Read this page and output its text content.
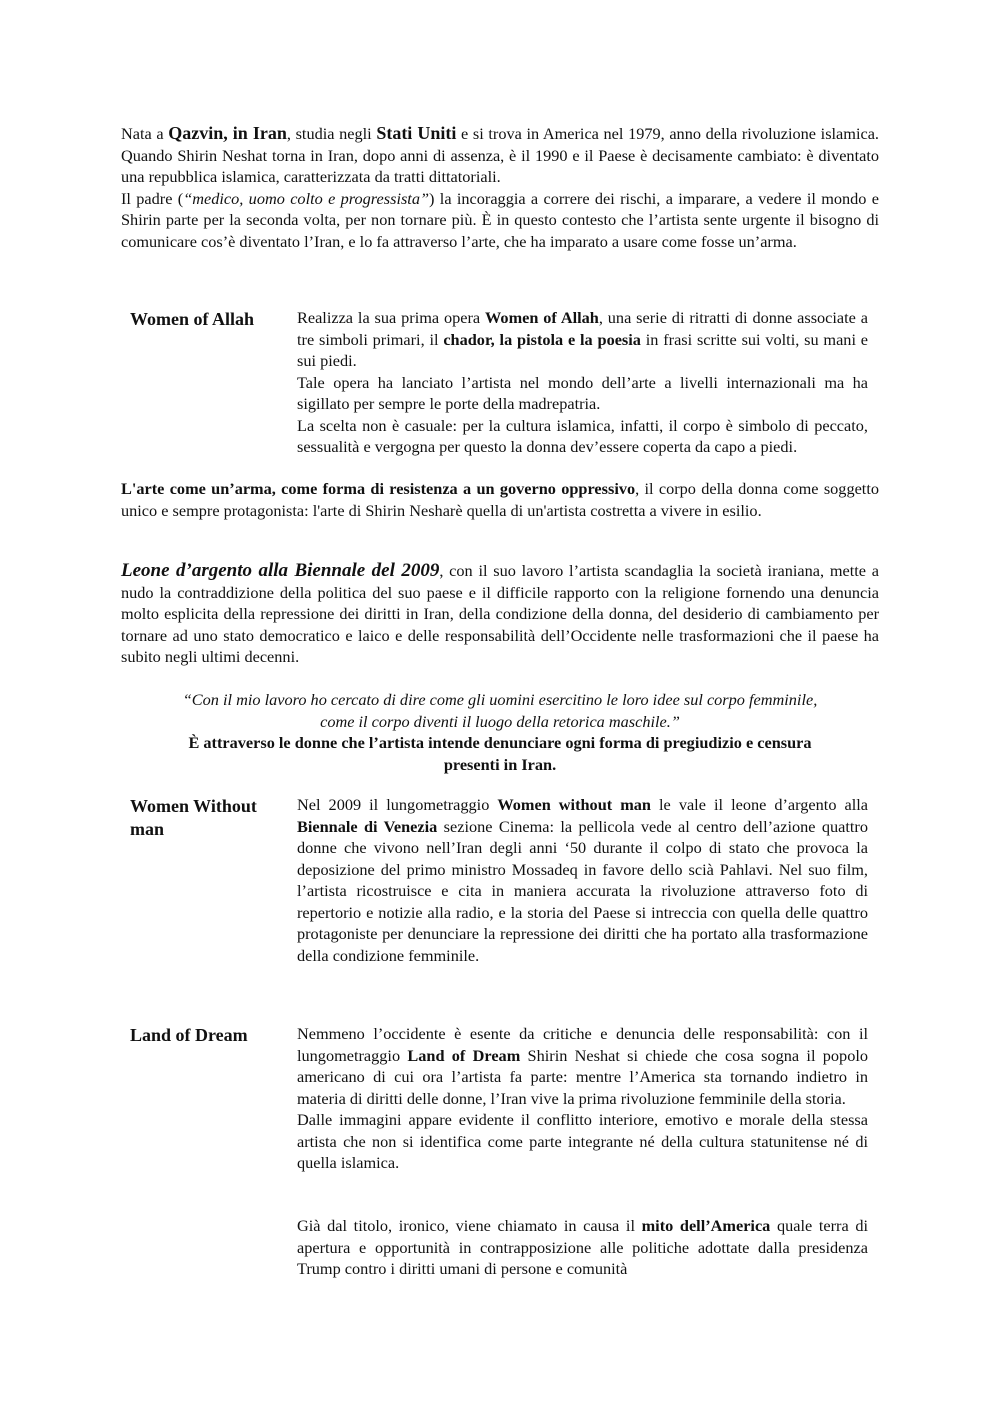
Nata a Qazvin, in Iran, studia negli Stati Uniti e si trova in America nel 1979, anno della rivoluzione islamica. Quando Shirin Neshat torna in Iran, dopo anni di assenza, è il 1990 e il Paese è decisamente cambiato: è diventato una repubblica islamica, caratterizzata da tratti dittatoriali.

Il padre (“medico, uomo colto e progressista”) la incoraggia a correre dei rischi, a imparare, a vedere il mondo e Shirin parte per la seconda volta, per non tornare più. È in questo contesto che l’artista sente urgente il bisogno di comunicare cos’è diventato l’Iran, e lo fa attraverso l’arte, che ha imparato a usare come fosse un’arma.

Women of Allah	Realizza la sua prima opera Women of Allah, una serie di ritratti di donne associate a tre simboli primari, il chador, la pistola e la poesia in frasi scritte sui volti, su mani e sui piedi.

Tale opera ha lanciato l’artista nel mondo dell’arte a livelli internazionali ma ha sigillato per sempre le porte della madrepatria.

La scelta non è casuale: per la cultura islamica, infatti, il corpo è simbolo di peccato, sessualità e vergogna per questo la donna dev’essere coperta da capo a piedi.

L'arte come un’arma, come forma di resistenza a un governo oppressivo, il corpo della donna come soggetto unico e sempre protagonista: l'arte di Shirin Nesharè quella di un'artista costretta a vivere in esilio.

Leone d’argento alla Biennale del 2009, con il suo lavoro l’artista scandaglia la società iraniana, mette a nudo la contraddizione della politica del suo paese e il difficile rapporto con la religione fornendo una denuncia molto esplicita della repressione dei diritti in Iran, della condizione della donna, del desiderio di cambiamento per tornare ad uno stato democratico e laico e delle responsabilità dell’Occidente nelle trasformazioni che il paese ha subito negli ultimi decenni.

“Con il mio lavoro ho cercato di dire come gli uomini esercitino le loro idee sul corpo femminile,

come il corpo diventi il luogo della retorica maschile.”

È attraverso le donne che l’artista intende denunciare ogni forma di pregiudizio e censura

presenti in Iran.

Women Without man

Nel 2009 il lungometraggio Women without man le vale il leone d’argento alla Biennale di Venezia sezione Cinema: la pellicola vede al centro dell’azione quattro donne che vivono nell’Iran degli anni ‘50 durante il colpo di stato che provoca la deposizione del primo ministro Mossadeq in favore dello scià Pahlavi. Nel suo film, l’artista ricostruisce e cita in maniera accurata la rivoluzione attraverso foto di repertorio e notizie alla radio, e la storia del Paese si intreccia con quella delle quattro protagoniste per denunciare la repressione dei diritti che ha portato alla trasformazione della condizione femminile.

Land of Dream	Nemmeno l’occidente è esente da critiche e denuncia delle responsabilità: con il lungometraggio Land of Dream Shirin Neshat si chiede che cosa sogna il popolo americano di cui ora l’artista fa parte: mentre l’America sta tornando indietro in materia di diritti delle donne, l’Iran vive la prima rivoluzione femminile della storia.

Dalle immagini appare evidente il conflitto interiore, emotivo e morale della stessa artista che non si identifica come parte integrante né della cultura statunitense né di quella islamica.

Già dal titolo, ironico, viene chiamato in causa il mito dell’America quale terra di apertura e opportunità in contrapposizione alle politiche adottate dalla presidenza Trump contro i diritti umani di persone e comunità
